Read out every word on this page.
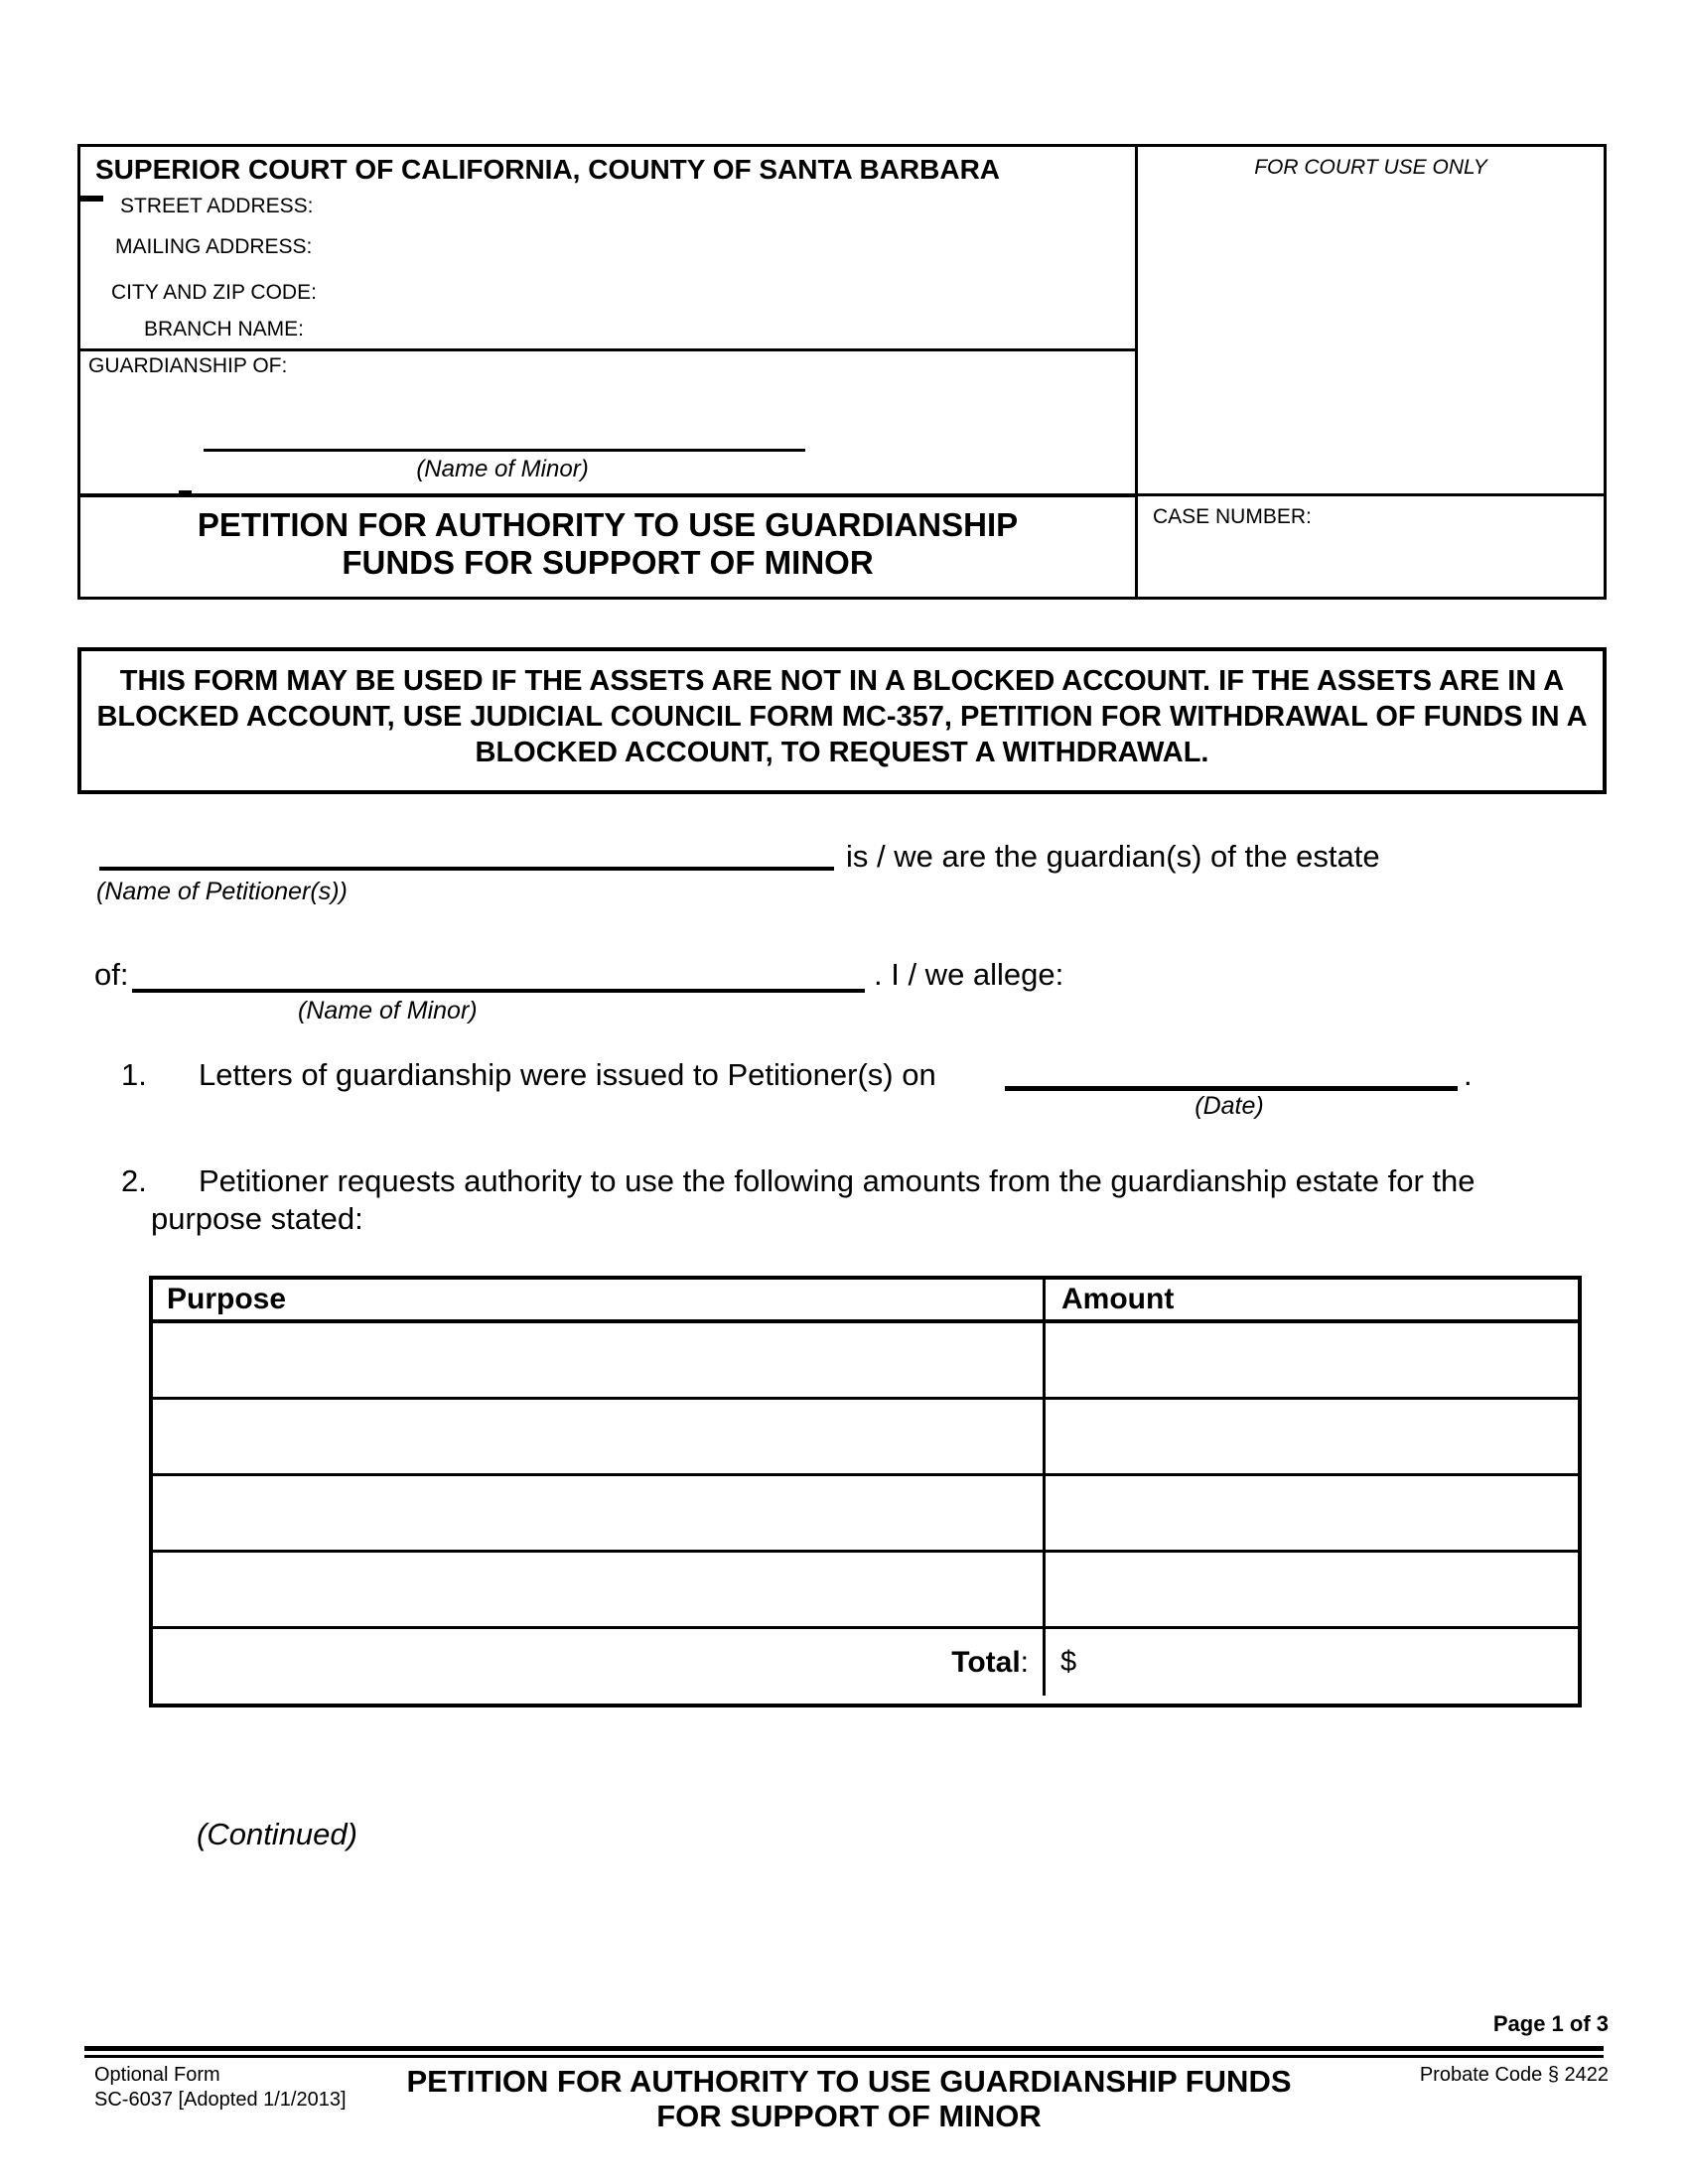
SUPERIOR COURT OF CALIFORNIA, COUNTY OF SANTA BARBARA
STREET ADDRESS:
MAILING ADDRESS:
CITY AND ZIP CODE:
BRANCH NAME:
GUARDIANSHIP OF:
(Name of Minor)
PETITION FOR AUTHORITY TO USE GUARDIANSHIP
FUNDS FOR SUPPORT OF MINOR
FOR COURT USE ONLY
CASE NUMBER:
THIS FORM MAY BE USED IF THE ASSETS ARE NOT IN A BLOCKED ACCOUNT. IF THE ASSETS ARE IN A
BLOCKED ACCOUNT, USE JUDICIAL COUNCIL FORM MC-357, PETITION FOR WITHDRAWAL OF FUNDS IN A
BLOCKED ACCOUNT, TO REQUEST A WITHDRAWAL.
is / we are the guardian(s) of the estate
(Name of Petitioner(s))
of:	. I / we allege:
(Name of Minor)
1. Letters of guardianship were issued to Petitioner(s) on	.
(Date)
2. Petitioner requests authority to use the following amounts from the guardianship estate for the
purpose stated:
Purpose	Amount
Total : $
(Continued)
Page 1 of 3
Optional Form
SC-6037 [Adopted 1/1/2013]
PETITION FOR AUTHORITY TO USE GUARDIANSHIP FUNDS
FOR SUPPORT OF MINOR
Probate Code § 2422
